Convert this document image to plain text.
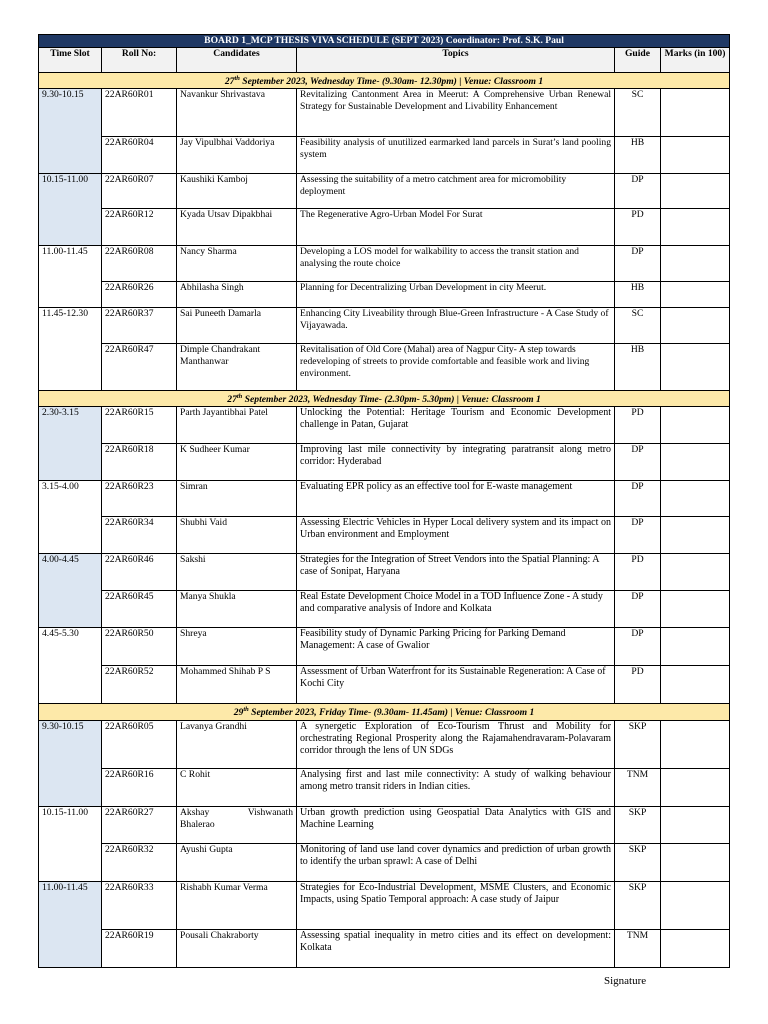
BOARD 1_MCP THESIS VIVA SCHEDULE (SEPT 2023) Coordinator: Prof. S.K. Paul					
Time Slot	Roll No:	Candidates	Topics	Guide	Marks (in 100)
27th September 2023, Wednesday Time- (9.30am- 12.30pm) | Venue: Classroom 1					
9.30-10.15	22AR60R01	Navankur Shrivastava	Revitalizing Cantonment Area in Meerut: A Comprehensive Urban Renewal Strategy for Sustainable Development and Livability Enhancement	SC	
	22AR60R04	Jay Vipulbhai Vaddoriya	Feasibility analysis of unutilized earmarked land parcels in Surat’s land pooling system	HB	
10.15-11.00	22AR60R07	Kaushiki Kamboj	Assessing the suitability of a metro catchment area for micromobility deployment	DP	
	22AR60R12	Kyada Utsav Dipakbhai	The Regenerative Agro-Urban Model For Surat	PD	
11.00-11.45	22AR60R08	Nancy Sharma	Developing a LOS model for walkability to access the transit station and analysing the route choice	DP	
	22AR60R26	Abhilasha Singh	Planning for Decentralizing Urban Development in city Meerut.	HB	
11.45-12.30	22AR60R37	Sai Puneeth Damarla	Enhancing City Liveability through Blue-Green Infrastructure - A Case Study of Vijayawada.	SC	
	22AR60R47	Dimple Chandrakant Manthanwar	Revitalisation of Old Core (Mahal) area of Nagpur City- A step towards redeveloping of streets to provide comfortable and feasible work and living environment.	HB	
27th September 2023, Wednesday Time- (2.30pm- 5.30pm) | Venue: Classroom 1					
2.30-3.15	22AR60R15	Parth Jayantibhai Patel	Unlocking the Potential: Heritage Tourism and Economic Development challenge in Patan, Gujarat	PD	
	22AR60R18	K Sudheer Kumar	Improving last mile connectivity by integrating paratransit along metro corridor: Hyderabad	DP	
3.15-4.00	22AR60R23	Simran	Evaluating EPR policy as an effective tool for E-waste management	DP	
	22AR60R34	Shubhi Vaid	Assessing Electric Vehicles in Hyper Local delivery system and its impact on Urban environment and Employment	DP	
4.00-4.45	22AR60R46	Sakshi	Strategies for the Integration of Street Vendors into the Spatial Planning: A case of Sonipat, Haryana	PD	
	22AR60R45	Manya Shukla	Real Estate Development Choice Model in a TOD Influence Zone - A study and comparative analysis of Indore and Kolkata	DP	
4.45-5.30	22AR60R50	Shreya	Feasibility study of Dynamic Parking Pricing for Parking Demand Management: A case of Gwalior	DP	
	22AR60R52	Mohammed Shihab P S	Assessment of Urban Waterfront for its Sustainable Regeneration: A Case of Kochi City	PD	
29th September 2023, Friday Time- (9.30am- 11.45am) | Venue: Classroom 1					
9.30-10.15	22AR60R05	Lavanya Grandhi	A synergetic Exploration of Eco-Tourism Thrust and Mobility for orchestrating Regional Prosperity along the Rajamahendravaram-Polavaram corridor through the lens of UN SDGs	SKP	
	22AR60R16	C Rohit	Analysing first and last mile connectivity: A study of walking behaviour among metro transit riders in Indian cities.	TNM	
10.15-11.00	22AR60R27	Akshay Vishwanath Bhalerao	Urban growth prediction using Geospatial Data Analytics with GIS and Machine Learning	SKP	
	22AR60R32	Ayushi Gupta	Monitoring of land use land cover dynamics and prediction of urban growth to identify the urban sprawl: A case of Delhi	SKP	
11.00-11.45	22AR60R33	Rishabh Kumar Verma	Strategies for Eco-Industrial Development, MSME Clusters, and Economic Impacts, using Spatio Temporal approach: A case study of Jaipur	SKP	
	22AR60R19	Pousali Chakraborty	Assessing spatial inequality in metro cities and its effect on development: Kolkata	TNM	
Signature
